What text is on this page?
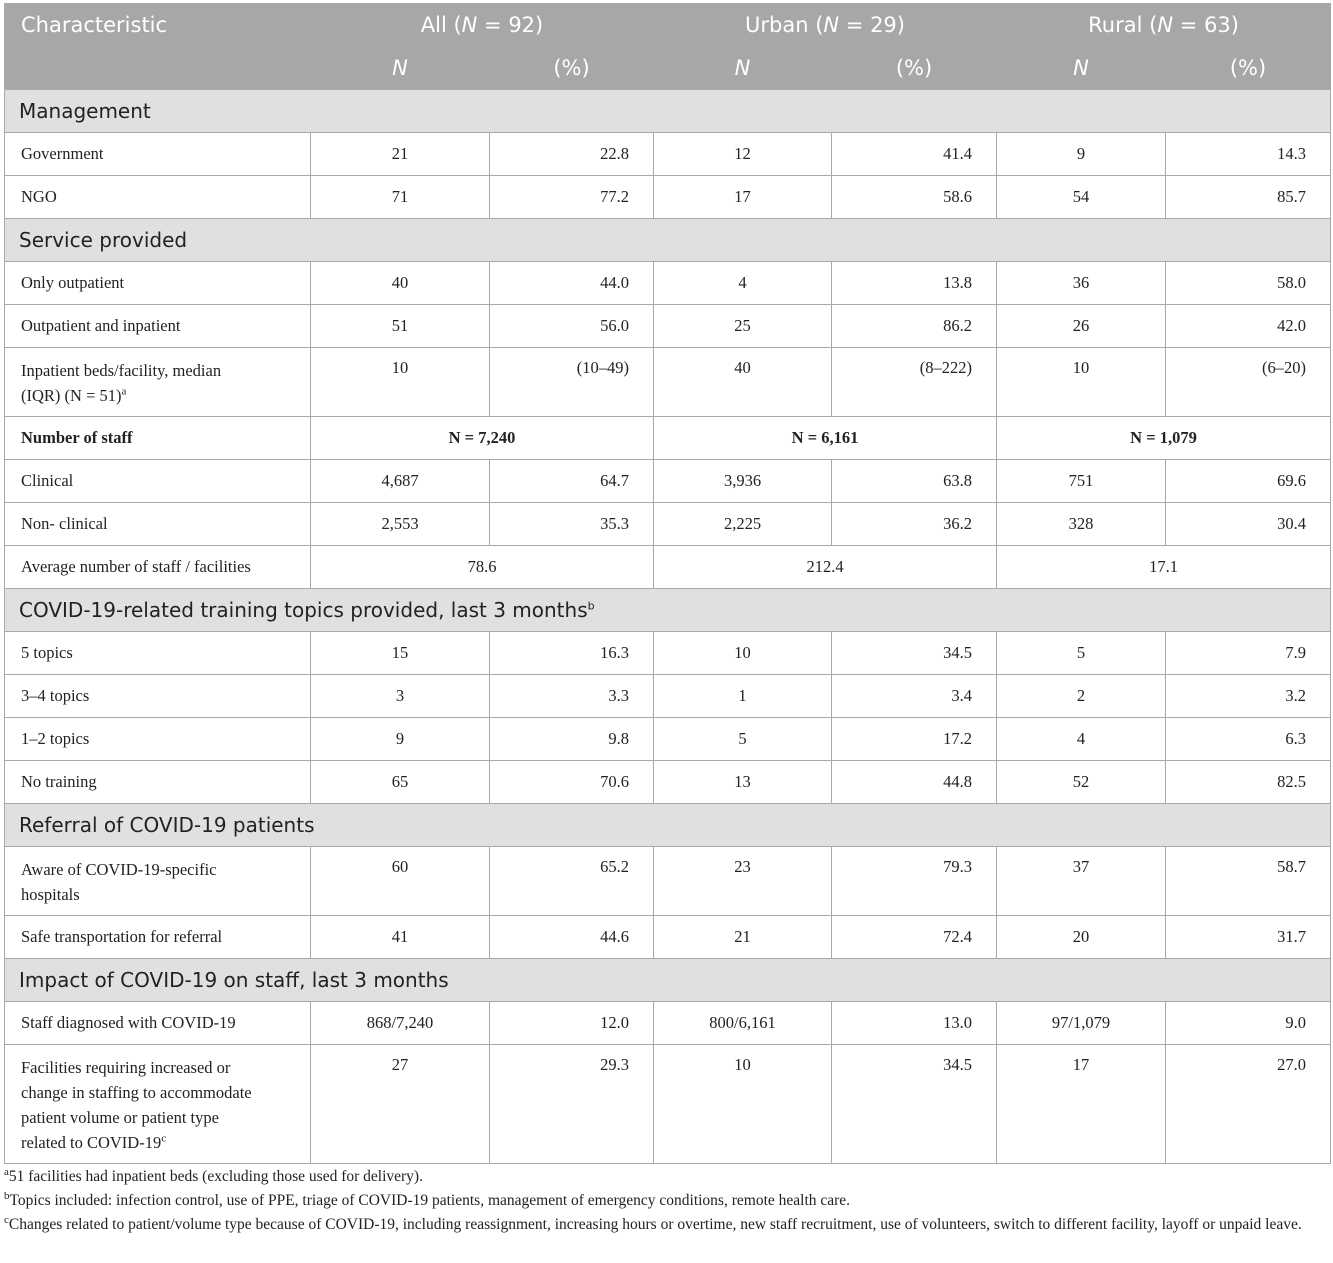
Characteristic	All (N = 92)		Urban (N = 29)		Rural (N = 63)	
	N	(%)	N	(%)	N	(%)
Management						
Government	21	22.8	12	41.4	9	14.3
NGO	71	77.2	17	58.6	54	85.7
Service provided						
Only outpatient	40	44.0	4	13.8	36	58.0
Outpatient and inpatient	51	56.0	25	86.2	26	42.0
Inpatient beds/facility, median
(IQR) (N = 51)$^a$	10	(10–49)	40	(8–222)	10	(6–20)
Number of staff	N = 7,240		N = 6,161		N = 1,079	
Clinical	4,687	64.7	3,936	63.8	751	69.6
Non- clinical	2,553	35.3	2,225	36.2	328	30.4
Average number of staff / facilities	78.6		212.4		17.1	
COVID-19-related training topics provided, last 3 months$^b$
5 topics	15	16.3	10	34.5	5	7.9
3–4 topics	3	3.3	1	3.4	2	3.2
1–2 topics	9	9.8	5	17.2	4	6.3
No training	65	70.6	13	44.8	52	82.5
Referral of COVID-19 patients						
Aware of COVID-19-specific
hospitals	60	65.2	23	79.3	37	58.7
Safe transportation for referral	41	44.6	21	72.4	20	31.7
Impact of COVID-19 on staff, last 3 months						
Staff diagnosed with COVID-19	868/7,240	12.0	800/6,161	13.0	97/1,079	9.0
Facilities requiring increased or
change in staffing to accommodate
patient volume or patient type
related to COVID-19$^c$	27	29.3	10	34.5	17	27.0

$^a$51 facilities had inpatient beds (excluding those used for delivery).

$^b$Topics included: infection control, use of PPE, triage of COVID-19 patients, management of emergency conditions, remote health care.

$^c$Changes related to patient/volume type because of COVID-19, including reassignment, increasing hours or overtime, new staff recruitment, use of volunteers, switch to different facility, layoff or unpaid leave.
